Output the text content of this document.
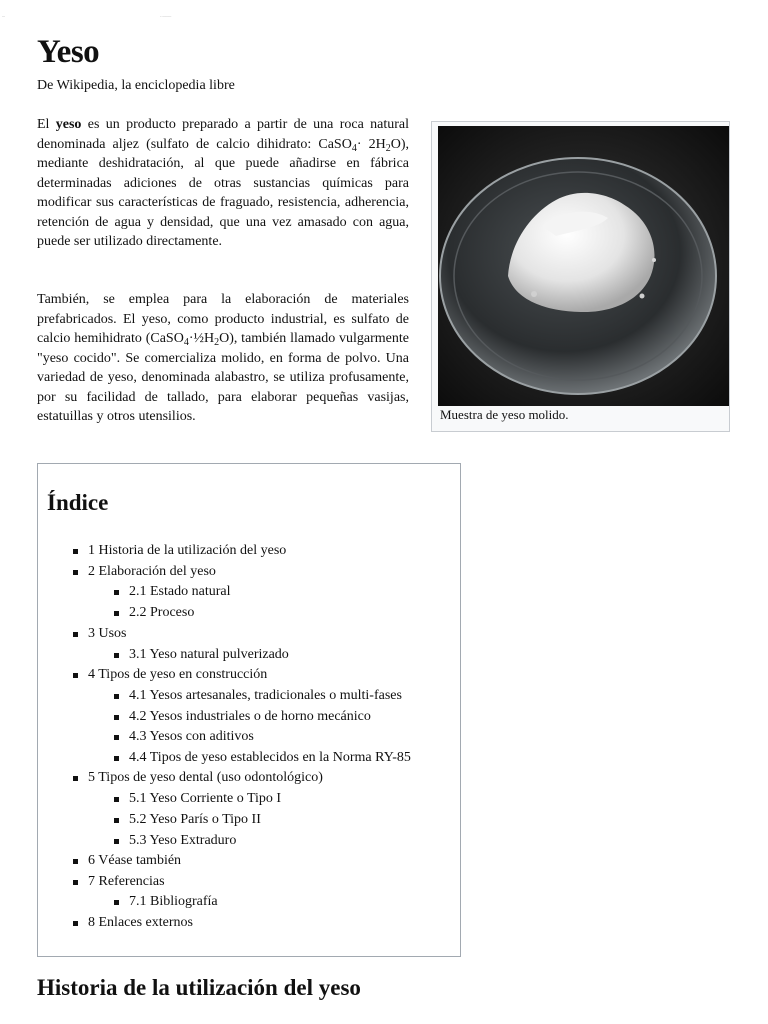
—	– ———
Yeso
De Wikipedia, la enciclopedia libre

El yeso es un producto preparado a partir de una roca natural denominada aljez (sulfato de calcio dihidrato: CaSO$_4$· $2H_2O$), mediante deshidratación, al que puede añadirse en fábrica determinadas adiciones de otras sustancias químicas para modificar sus características de fraguado, resistencia, adherencia, retención de agua y densidad, que una vez amasado con agua, puede ser utilizado directamente.

También, se emplea para la elaboración de materiales prefabricados. El yeso, como producto industrial, es sulfato de calcio hemihidrato $(CaSO_4\cdot\frac{1}{2}H_2O)$, también llamado vulgarmente "yeso cocido". Se comercializa molido, en forma de polvo. Una variedad de yeso, denominada alabastro, se utiliza profusamente, por su facilidad de tallado, para elaborar pequeñas vasijas, estatuillas y otros utensilios.	Muestra de yeso molido.
Índice
1 Historia de la utilización del yeso
2 Elaboración del yeso
2.1 Estado natural
2.2 Proceso
3 Usos
3.1 Yeso natural pulverizado
4 Tipos de yeso en construcción
4.1 Yesos artesanales, tradicionales o multi-fases
4.2 Yesos industriales o de horno mecánico
4.3 Yesos con aditivos
4.4 Tipos de yeso establecidos en la Norma RY-85
5 Tipos de yeso dental (uso odontológico)
5.1 Yeso Corriente o Tipo I
5.2 Yeso París o Tipo II
5.3 Yeso Extraduro
6 Véase también
7 Referencias
7.1 Bibliografía
8 Enlaces externos
Historia de la utilización del yeso
